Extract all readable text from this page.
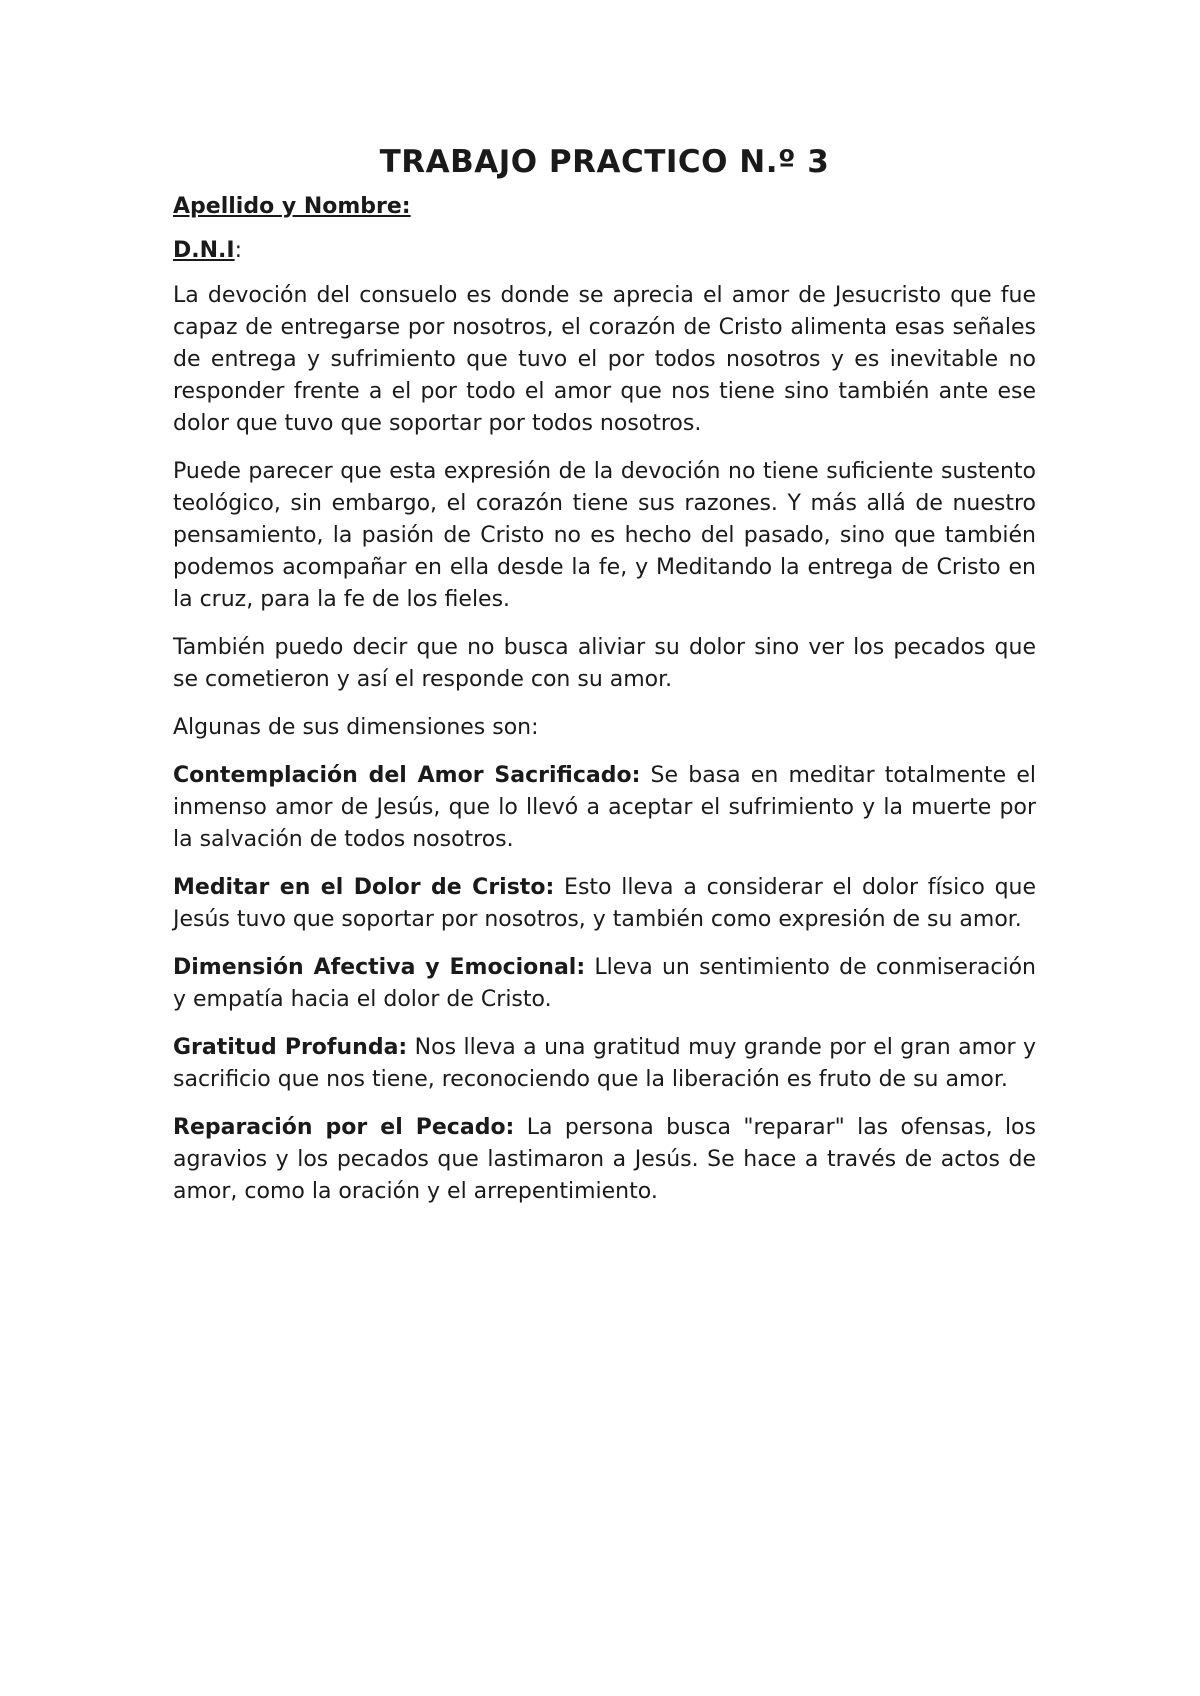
TRABAJO PRACTICO N.º 3

Apellido y Nombre:

D.N.I:

La devoción del consuelo es donde se aprecia el amor de Jesucristo que fue capaz de entregarse por nosotros, el corazón de Cristo alimenta esas señales de entrega y sufrimiento que tuvo el por todos nosotros y es inevitable no responder frente a el por todo el amor que nos tiene sino también ante ese dolor que tuvo que soportar por todos nosotros.

Puede parecer que esta expresión de la devoción no tiene suficiente sustento teológico, sin embargo, el corazón tiene sus razones. Y más allá de nuestro pensamiento, la pasión de Cristo no es hecho del pasado, sino que también podemos acompañar en ella desde la fe, y Meditando la entrega de Cristo en la cruz, para la fe de los fieles.

También puedo decir que no busca aliviar su dolor sino ver los pecados que se cometieron y así el responde con su amor.

Algunas de sus dimensiones son:

Contemplación del Amor Sacrificado: Se basa en meditar totalmente el inmenso amor de Jesús, que lo llevó a aceptar el sufrimiento y la muerte por la salvación de todos nosotros.

Meditar en el Dolor de Cristo: Esto lleva a considerar el dolor físico que Jesús tuvo que soportar por nosotros, y también como expresión de su amor.

Dimensión Afectiva y Emocional: Lleva un sentimiento de conmiseración y empatía hacia el dolor de Cristo.

Gratitud Profunda: Nos lleva a una gratitud muy grande por el gran amor y sacrificio que nos tiene, reconociendo que la liberación es fruto de su amor.

Reparación por el Pecado: La persona busca "reparar" las ofensas, los agravios y los pecados que lastimaron a Jesús. Se hace a través de actos de amor, como la oración y el arrepentimiento.
